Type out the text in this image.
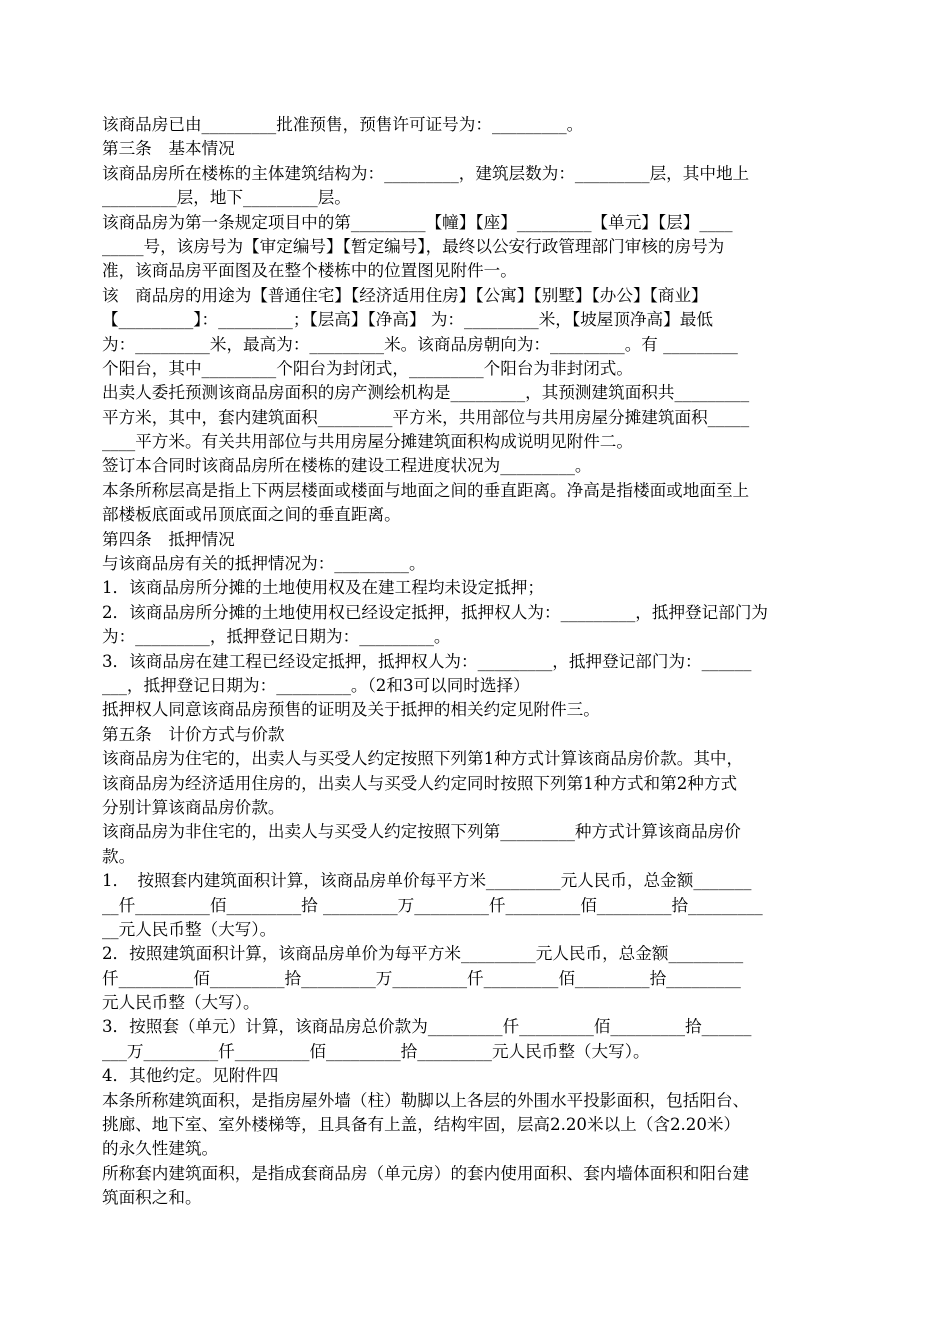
该商品房已由_________批准预售，预售许可证号为：_________。
第三条　基本情况
该商品房所在楼栋的主体建筑结构为：_________，建筑层数为：_________层，其中地上
_________层，地下_________层。
该商品房为第一条规定项目中的第_________【幢】【座】_________【单元】【层】____
_____号，该房号为【审定编号】【暂定编号】，最终以公安行政管理部门审核的房号为
准，该商品房平面图及在整个楼栋中的位置图见附件一。
该　商品房的用途为【普通住宅】【经济适用住房】【公寓】【别墅】【办公】【商业】
【_________】：_________；【层高】【净高】 为：_________米，【坡屋顶净高】最低
为：_________米，最高为：_________米。该商品房朝向为：_________。有 _________
个阳台，其中_________个阳台为封闭式，_________个阳台为非封闭式。
出卖人委托预测该商品房面积的房产测绘机构是_________，其预测建筑面积共_________
平方米，其中，套内建筑面积_________平方米，共用部位与共用房屋分摊建筑面积_____
____平方米。有关共用部位与共用房屋分摊建筑面积构成说明见附件二。
签订本合同时该商品房所在楼栋的建设工程进度状况为_________。
本条所称层高是指上下两层楼面或楼面与地面之间的垂直距离。净高是指楼面或地面至上
部楼板底面或吊顶底面之间的垂直距离。
第四条　抵押情况
与该商品房有关的抵押情况为：_________。
1．该商品房所分摊的土地使用权及在建工程均未设定抵押；
2．该商品房所分摊的土地使用权已经设定抵押，抵押权人为：_________，抵押登记部门为
为：_________，抵押登记日期为：_________。
3．该商品房在建工程已经设定抵押，抵押权人为：_________，抵押登记部门为：______
___，抵押登记日期为：_________。（2和3可以同时选择）
抵押权人同意该商品房预售的证明及关于抵押的相关约定见附件三。
第五条　计价方式与价款
该商品房为住宅的，出卖人与买受人约定按照下列第1种方式计算该商品房价款。其中，
该商品房为经济适用住房的，出卖人与买受人约定同时按照下列第1种方式和第2种方式
分别计算该商品房价款。
该商品房为非住宅的，出卖人与买受人约定按照下列第_________种方式计算该商品房价
款。
1．　按照套内建筑面积计算，该商品房单价每平方米_________元人民币，总金额_______
__仟_________佰_________拾 _________万_________仟_________佰_________拾_________
__元人民币整（大写）。
2．按照建筑面积计算，该商品房单价为每平方米_________元人民币，总金额_________
仟_________佰_________拾_________万_________仟_________佰_________拾_________
元人民币整（大写）。
3．按照套（单元）计算，该商品房总价款为_________仟_________佰_________拾______
___万_________仟_________佰_________拾_________元人民币整（大写）。
4．其他约定。见附件四
本条所称建筑面积，是指房屋外墙（柱）勒脚以上各层的外围水平投影面积，包括阳台、
挑廊、地下室、室外楼梯等，且具备有上盖，结构牢固，层高2.20米以上（含2.20米）
的永久性建筑。
所称套内建筑面积，是指成套商品房（单元房）的套内使用面积、套内墙体面积和阳台建
筑面积之和。
